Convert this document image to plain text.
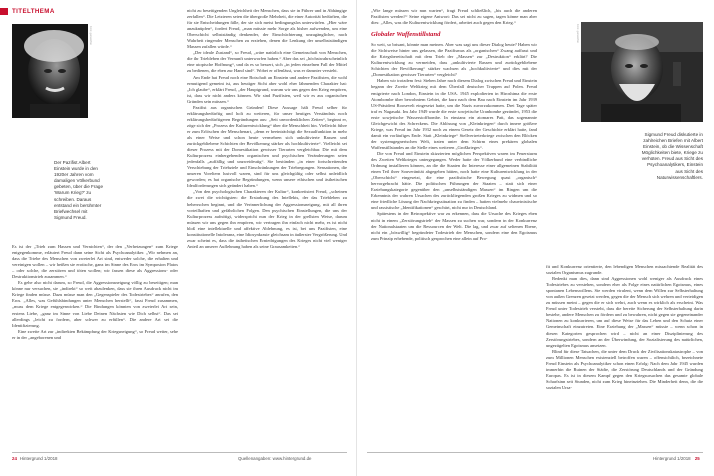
TITELTHEMA
Foto: gemeinfrei
Der Pazifist Albert Einstein wurde in den 1920er Jahren vom damaligen Völkerbund gebeten, über die Frage 'Warum Krieg?' zu schreiben. Daraus entstand ein berühmter Briefwechsel mit Sigmund Freud.

Es ist der „Trieb zum Hassen und Vernichten“, der den „Verhetzungen“ zum Kriege entgegenkomme, erläutert Freud dann seine Sicht als Psychoanalytiker. „Wir nehmen an, dass die Triebe des Menschen von zweierlei Art sind, entweder solche, die erhalten und vereinigen wollen – wir heißen sie erotische, ganz im Sinne des Eros im Symposion Platos – oder solche, die zerstören und töten wollen; wir fassen diese als Aggressions- oder Destruktionstrieb zusammen.“

Es gehe also nicht darum, so Freud, die Aggressionsneigung völlig zu beseitigen; man könne nur versuchen, sie „indirekt“ so weit abzulenken, dass sie ihren Ausdruck nicht im Kriege finden müsse. Dazu müsse man den „Gegenspieler des Todestriebes“ anrufen, den Eros. „Alles, was Gefühlsbindungen unter Menschen herstellt“, fasst Freud zusammen, „muss dem Kriege entgegenwirken.“ Die Bindungen könnten von zweierlei Art sein, erstens Liebe, „ganz im Sinne von Liebe Deinen Nächsten wie Dich selbst“. Das sei allerdings „leicht zu fordern, aber schwer zu erfüllen“. Die andere Art sei die Identifizierung.

Eine zweite Art zur „indirekten Bekämpfung der Kriegsneigung“, so Freud weiter, sehe er in der „angeborenen und

nicht zu beseitigenden Ungleichheit der Menschen, dass sie in Führer und in Abhängige zerfallen“. Die Letzteren seien die übergroße Mehrheit, die einer Autorität bedürften, die für sie Entscheidungen fälle, der sie sich meist bedingungslos unterwürfen. „Hier wäre anzuknüpfen“, fordert Freud, „man müsste mehr Sorge als bisher aufwenden, um eine Oberschicht selbstständig denkender, der Einschüchterung unzugänglicher, nach Wahrheit ringender Menschen zu erziehen, denen die Lenkung der unselbstständigen Massen zufallen würde.“

„Der ideale Zustand“, so Freud, „wäre natürlich eine Gemeinschaft von Menschen, die ihr Triebleben der Vernunft unterworfen haben.“ Aber das sei „höchstwahrscheinlich eine utopische Hoffnung“, und da es so bessert, sich „in jeden einzelnen Fall der Mittel zu bedienen, die eben zur Hand sind“. Wobei er offenlässt, was er darunter versteht.

Am Ende hat Freud noch eine Botschaft an Einstein und andere Pazifisten, die wohl ermutigend gemeint ist, aus heutiger Sicht aber wohl eher lähmenden Charakter hat: „Ich glaube“, erklärt Freud, „der Hauptgrund, warum wir uns gegen den Krieg empören, ist, dass wir nicht anders können. Wir sind Pazifisten, weil wir es aus organischen Gründen sein müssen.“

Pazifist aus organischen Gründen! Diese Aussage hält Freud selber für erklärungsbedürftig und holt zu weiteren, für unser heutiges Verständnis noch erklärungsbedürftigeren Begründungen aus: „Seit unvordenklichen Zeiten“, beginnt er, zöge sich der „Prozess der Kulturentwicklung“ über die Menschheit hin. Vielleicht führe er zum Erlöschen der Menschenart, „denn er beeinträchtigt die Sexualfunktion in mehr als einer Weise und schon heute vermehren sich unkultivierte Rassen und zurückgebliebene Schichten der Bevölkerung stärker als hochkultivierte“. Vielleicht sei dieser Prozess mit der Domestikation gewisser Tierarten vergleichbar. Die mit dem Kulturprozess einhergehenden organischen und psychischen Veränderungen seien jedenfalls „auffällig und unzweideutig“. Sie bestünden „in einer fortschreitenden Verschiebung der Triebziele und Einschränkungen der Triebregungen. Sensationen, die unseren Voreltern lustvoll waren, sind für uns gleichgültig oder selbst unleidlich geworden; es hat organische Begründungen, wenn unsere ethischen und ästhetischen Idealforderungen sich geändert haben.“

„Von den psychologischen Charakteren der Kultur“, konkretisiert Freud, „scheinen die zwei die wichtigsten: die Erstarkung des Intellekts, der das Triebleben zu beherrschen beginnt, und die Verinnerlichung der Aggressionsneigung, mit all ihren vorteilhaften und gefährlichen Folgen. Den psychischen Einstellungen, die uns der Kulturprozess aufnötigt, widerspricht nun der Krieg in der grellsten Weise, darum müssen wir uns gegen ihn empören, wir vertragen ihn einfach nicht mehr, es ist nicht bloß eine intellektuelle und affektive Ablehnung, es ist, bei uns Pazifisten, eine konstitutionelle Intoleranz, eine Idiosynkrasie gleichsam in äußerster Vergrößerung. Und zwar scheint es, dass die ästhetischen Erniedrigungen des Krieges nicht viel weniger Anteil an unserer Auflehnung haben als seine Grausamkeiten.“

24 Hintergrund 1/2018	Quellenangaben: www.hintergrund.de

„Wie lange müssen wir nun warten“, fragt Freud schließlich, „bis auch die anderen Pazifisten werden?“ Seine eigene Antwort: Das sei nicht zu sagen, tagen könne man aber dies: „Alles, was die Kulturentwicklung fördert, arbeitet auch gegen den Krieg.“

Globaler Waffenstillstand

So weit, so brisant, könnte man meinen. Aber was sagt uns dieser Dialog heute? Haben wir die Sichtweise hinter uns gelassen, die Pazifismus als „organischen“ Zwang auffasst und die Kriegsbereitschaft mit dem Trieb der „Massen“ zur „Destruktion“ erklärt? Die Kulturentwicklung zu vermeiden, dass „unkultivierte Rassen und zurückgebliebene Schichten der Bevölkerung“ stärker wachsen als „hochkultivierte“ und dies mit der „Domestikation gewisser Tierarten“ vergleicht?

Haben wir trotzdem fest: Sieben Jahre nach diesem Dialog zwischen Freud und Einstein begann der Zweite Weltkrieg mit dem Überfall deutscher Truppen auf Polen. Freud emigrierte nach London, Einstein in die USA. 1945 explodierten in Hiroshima die erste Atombombe über bewohntem Gebiet, die kurz nach dem Bau nach Einstein im Jahr 1939 US-Präsident Roosevelt eingesetzt hatte, um die Nazis zuvorzukommen. Drei Tage später traf es Nagasaki. Ins Jahr 1949 wurde die erste sowjetische Uranbombe gezündet, 1953 die erste sowjetische Wasserstoffbombe. In einstanz ein atomares Patt, das sogenannte Gleichgewicht des Schreckens. Die Ablösung von „Kleinkriegen“ durch innere größere Kriege, was Freud im Jahr 1932 noch zu einem Gesetz der Geschichte erklärt hatte, fand damit ein vorläufiges Ende. Statt „Kleinkriege“ Stellvertreterkriege zwischen den Blöcken der systemgegnerischen Welt, traten unter dem Schirm eines prekären globalen Waffenstillstandes an die Stelle eines weiteren „Großkrieges“.

Die von Freud und Einstein skizzierten möglichen Perspektiven waren im Feuersturm des Zweiten Weltkrieges untergegangen. Weder hatte der Völkerbund eine verbindliche Ordnung installieren können, an die die Staaten ihr Interesse einer allgemeinen Stabilität einen Teil ihrer Souveränität abgegeben hätten, noch hatte eine Kulturentwicklung in der „Oberschicht“ eingesetzt, die eine pazifistische Bewegung quasi „organisch“ hervorgebracht hätte. Die politischen Führungen der Staaten – statt sich einer Erziehungskategorie gegenüber den „unselbstständigen Massen“ im Ringen um die Erkenntnis der wahren Ursachen des zurückliegenden großen Krieges zu widmen und so eine friedliche Lösung der Nachkriegssituation zu finden – hatten vielmehr chauvinistische und rassistische „Identifikationen“ geschürt, nicht nur in Deutschland.

Spätestens in der Retrospektive war zu erkennen, dass die Ursache des Krieges eben nicht in einem „Zerstörungstrieb“ der Massen zu suchen war, sondern in der Konkurrenz der Nationalstaaten um die Ressourcen der Welt. Die lag, und zwar auf seltenen Ebene, nicht ein „böswillig“ begründeter Todestrieb der Menschen, sondern eine den Egoismus zum Prinzip erhebende, politisch gesprochen eine allein auf Pro-

Foto: gemeinfrei
Sigmund Freud diskutierte in zahlreichen Briefen mit Albert Einstein, ob die Wissenschaft Möglichkeiten biete, Kriege zu verhüten. Freud aus Sicht des Psychoanalytikers, Einstein aus Sicht des Naturwissenschaftlers.

fit und Konkurrenz orientierte, den lebendigen Menschen missachtende Realität des sozialen Organismus zugrunde.

Bedenkt man dies, dann sind Aggressionen wohl weniger als Ausdruck eines Todestriebes zu verstehen, sondern eher als Folge eines natürlichen Egoismus, eines spontanen Lebenswillens. Sie werden virulent, wenn dem Willen zur Selbsterhaltung von außen Grenzen gesetzt werden, gegen die der Mensch sich wehren und verteidigen zu müssen meint – gegen die er sich wehrt, auch wenn es wirklich als erscheint. Was Freud unter Todestrieb versteht, dass die bereite Sicherung der Selbsterhaltung darin bestehe, andere Menschen zu fördern und zu bewahren, nicht gegen sie gegeneinander Nationen zu konkurrieren, um auf diese Weise für das Leben und den Schutz einer Gemeinschaft einzutreten. Eine Erziehung der „Massen“ müsste – wenn schon in diesen Kategorien gesprochen wird – nicht an einer Disziplinierung des Zerstörungstriebes, sondern an der Überwindung, der Sozialisierung des natürlichen, ungezügelten Egoismus ansetzen.

Blind für diese Tatsachen, die unter dem Druck der Zivilisationskatastrophe – von zum Millionen Menschen existenziell betroffen waren – offensichtlich, bezeichnete Freud Einstein als Psychoanalytiker schon einen Erfolg: Nach dem Jahr 1945 wurden immerhin die Ruinen der Städte, die Zerstörung Deutschlands und der Gründung Europas. Es ist in diesem Kampf gegen den Kriegsursachen das gesamte globale Scharfsinn seit Stunden, nicht zum Krieg hineinziehen. Die Minderheit denn, die die sozialen Ursa-

Hintergrund 1/2018 25
